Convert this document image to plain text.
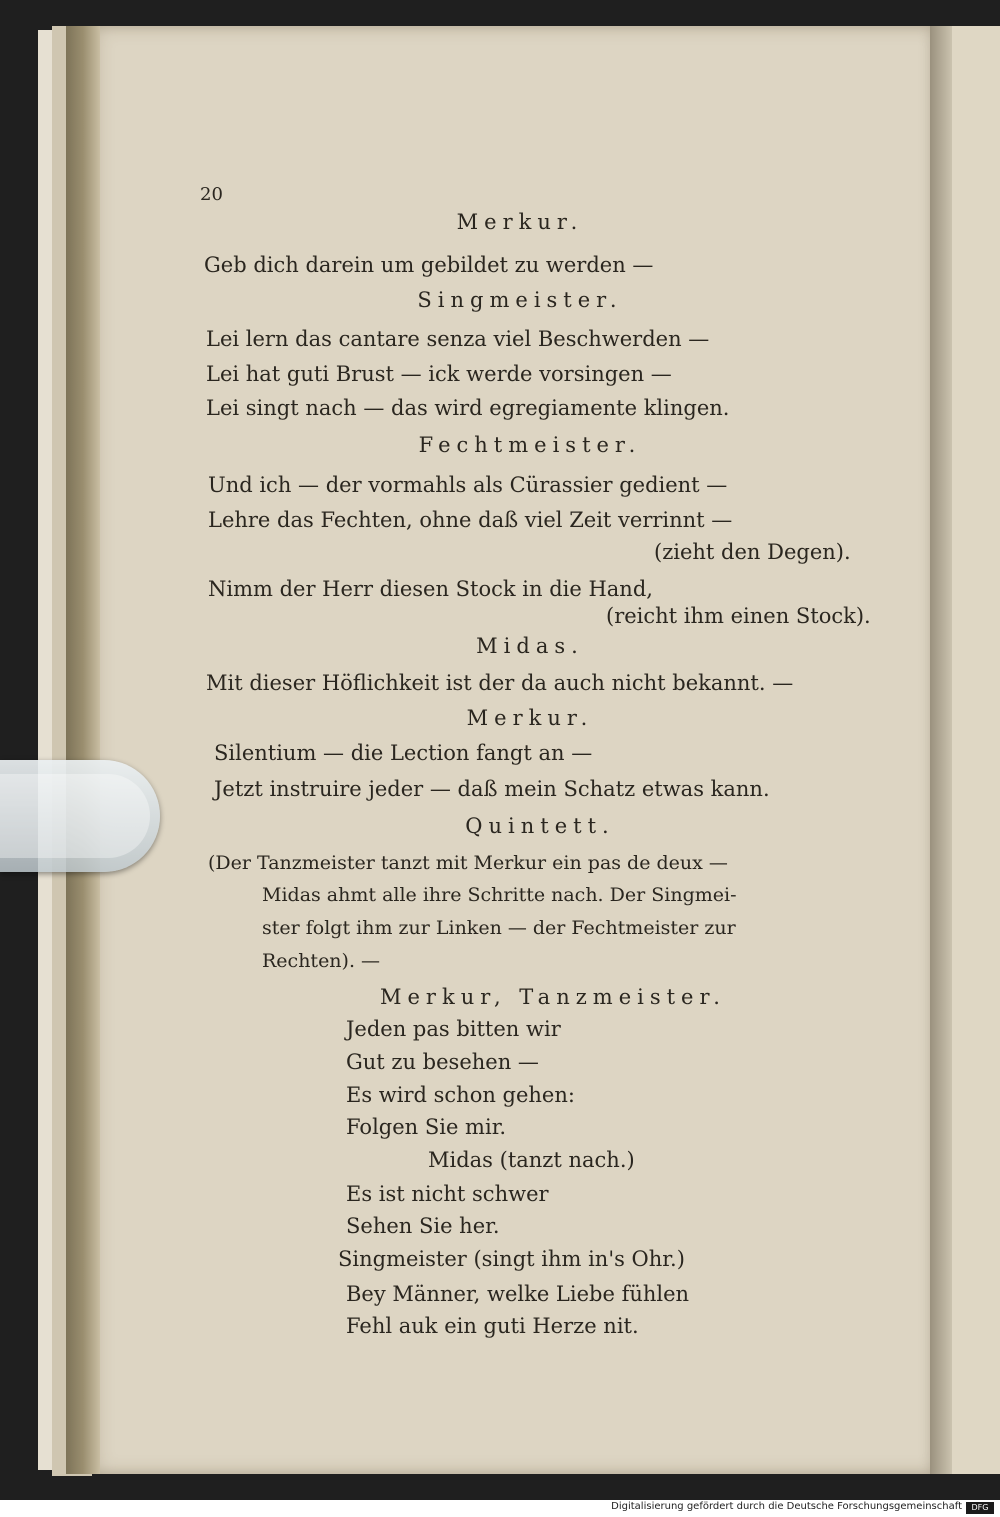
20
Merkur.
Geb dich darein um gebildet zu werden —
Singmeister.
Lei lern das cantare senza viel Beschwerden —
Lei hat guti Brust — ick werde vorsingen —
Lei singt nach — das wird egregiamente klingen.
Fechtmeister.
Und ich — der vormahls als Cürassier gedient —
Lehre das Fechten, ohne daß viel Zeit verrinnt —
(zieht den Degen).
Nimm der Herr diesen Stock in die Hand,
(reicht ihm einen Stock).
Midas.
Mit dieser Höflichkeit ist der da auch nicht bekannt. —
Merkur.
Silentium — die Lection fangt an —
Jetzt instruire jeder — daß mein Schatz etwas kann.
Quintett.
(Der Tanzmeister tanzt mit Merkur ein pas de deux —
Midas ahmt alle ihre Schritte nach. Der Singmei-
ster folgt ihm zur Linken — der Fechtmeister zur
Rechten). —
Merkur, Tanzmeister.
Jeden pas bitten wir
Gut zu besehen —
Es wird schon gehen:
Folgen Sie mir.
Midas (tanzt nach.)
Es ist nicht schwer
Sehen Sie her.
Singmeister (singt ihm in's Ohr.)
Bey Männer, welke Liebe fühlen
Fehl auk ein guti Herze nit.
Digitalisierung gefördert durch die Deutsche Forschungsgemeinschaft	DFG
